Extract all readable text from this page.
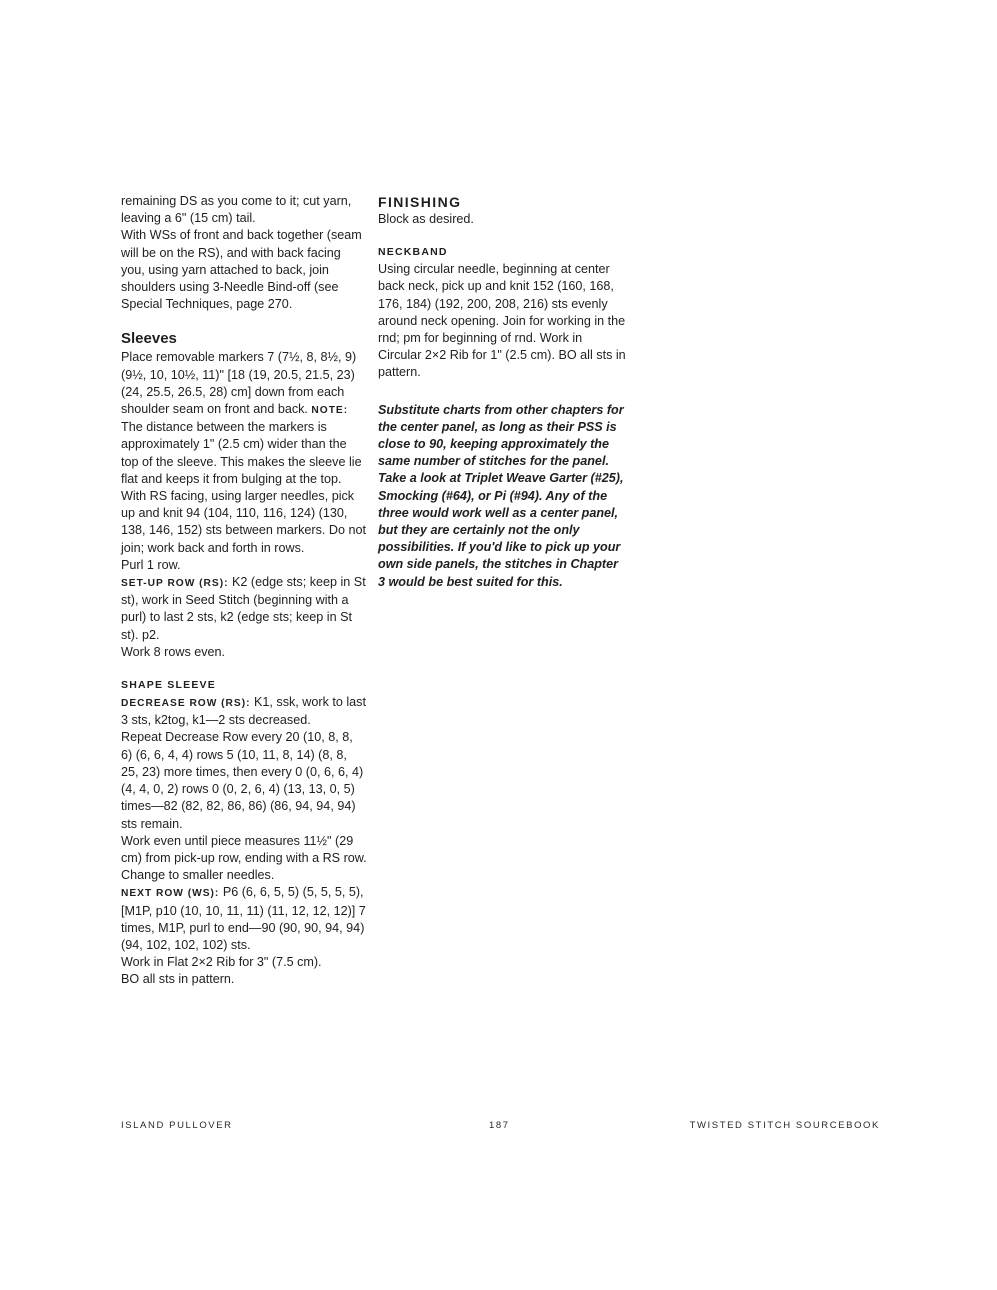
remaining DS as you come to it; cut yarn, leaving a 6" (15 cm) tail.

With WSs of front and back together (seam will be on the RS), and with back facing you, using yarn attached to back, join shoulders using 3-Needle Bind-off (see Special Techniques, page 270.

Sleeves

Place removable markers 7 (7½, 8, 8½, 9) (9½, 10, 10½, 11)" [18 (19, 20.5, 21.5, 23) (24, 25.5, 26.5, 28) cm] down from each shoulder seam on front and back. NOTE: The distance between the markers is approximately 1" (2.5 cm) wider than the top of the sleeve. This makes the sleeve lie flat and keeps it from bulging at the top.

With RS facing, using larger needles, pick up and knit 94 (104, 110, 116, 124) (130, 138, 146, 152) sts between markers. Do not join; work back and forth in rows.

Purl 1 row.

SET-UP ROW (RS): K2 (edge sts; keep in St st), work in Seed Stitch (beginning with a purl) to last 2 sts, k2 (edge sts; keep in St st). p2.

Work 8 rows even.

SHAPE SLEEVE

DECREASE ROW (RS): K1, ssk, work to last 3 sts, k2tog, k1—2 sts decreased.

Repeat Decrease Row every 20 (10, 8, 8, 6) (6, 6, 4, 4) rows 5 (10, 11, 8, 14) (8, 8, 25, 23) more times, then every 0 (0, 6, 6, 4) (4, 4, 0, 2) rows 0 (0, 2, 6, 4) (13, 13, 0, 5) times—82 (82, 82, 86, 86) (86, 94, 94, 94) sts remain.

Work even until piece measures 11½" (29 cm) from pick-up row, ending with a RS row.

Change to smaller needles.

NEXT ROW (WS): P6 (6, 6, 5, 5) (5, 5, 5, 5), [M1P, p10 (10, 10, 11, 11) (11, 12, 12, 12)] 7 times, M1P, purl to end—90 (90, 90, 94, 94) (94, 102, 102, 102) sts.

Work in Flat 2×2 Rib for 3" (7.5 cm).

BO all sts in pattern.

FINISHING

Block as desired.

NECKBAND

Using circular needle, beginning at center back neck, pick up and knit 152 (160, 168, 176, 184) (192, 200, 208, 216) sts evenly around neck opening. Join for working in the rnd; pm for beginning of rnd. Work in Circular 2×2 Rib for 1" (2.5 cm). BO all sts in pattern.

Substitute charts from other chapters for the center panel, as long as their PSS is close to 90, keeping approximately the same number of stitches for the panel. Take a look at Triplet Weave Garter (#25), Smocking (#64), or Pi (#94). Any of the three would work well as a center panel, but they are certainly not the only possibilities. If you'd like to pick up your own side panels, the stitches in Chapter 3 would be best suited for this.

ISLAND PULLOVER	187	TWISTED STITCH SOURCEBOOK
